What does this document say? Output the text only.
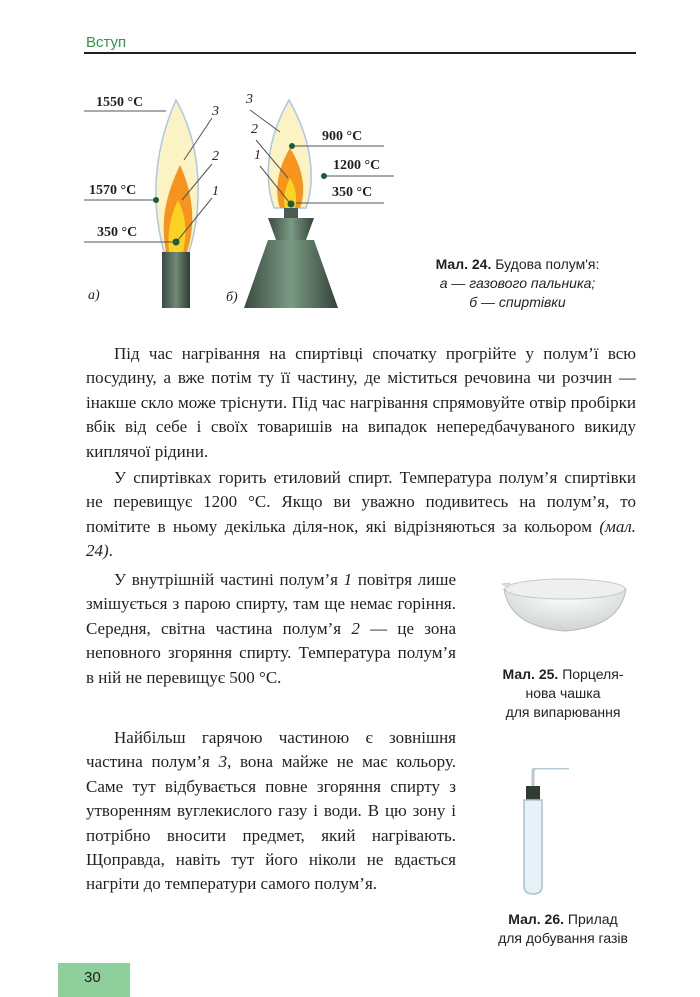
Вступ
1550 °С
1570 °С
350 °С
3
2
1
а)
900 °С
1200 °С
350 °С
3
2
1
б)
Мал. 24. Будова полум'я:
а — газового пальника;
б — спиртівки

Під час нагрівання на спиртівці спочатку прогрійте у полум’ї всю посудину, а вже потім ту її частину, де міститься речовина чи розчин — інакше скло може тріснути. Під час нагрівання спрямовуйте отвір пробірки вбік від себе і своїх товаришів на випадок непередбачуваного викиду киплячої рідини.

У спиртівках горить етиловий спирт. Температура полум’я спиртівки не перевищує 1200 °С. Якщо ви уважно подивитесь на полум’я, то помітите в ньому декілька діля-нок, які відрізняються за кольором (мал. 24).

У внутрішній частині полум’я 1 повітря лише змішується з парою спирту, там ще немає горіння. Середня, світна частина полум’я 2 — це зона неповного згоряння спирту. Температура полум’я в ній не перевищує 500 °С.

Найбільш гарячою частиною є зовнішня частина полум’я 3, вона майже не має кольору. Саме тут відбувається повне згоряння спирту з утворенням вуглекислого газу і води. В цю зону і потрібно вносити предмет, який нагрівають. Щоправда, навіть тут його ніколи не вдається нагріти до температури самого полум’я.

Мал. 25. Порцеля-
нова чашка
для випарювання
Мал. 26. Прилад
для добування газів
30
